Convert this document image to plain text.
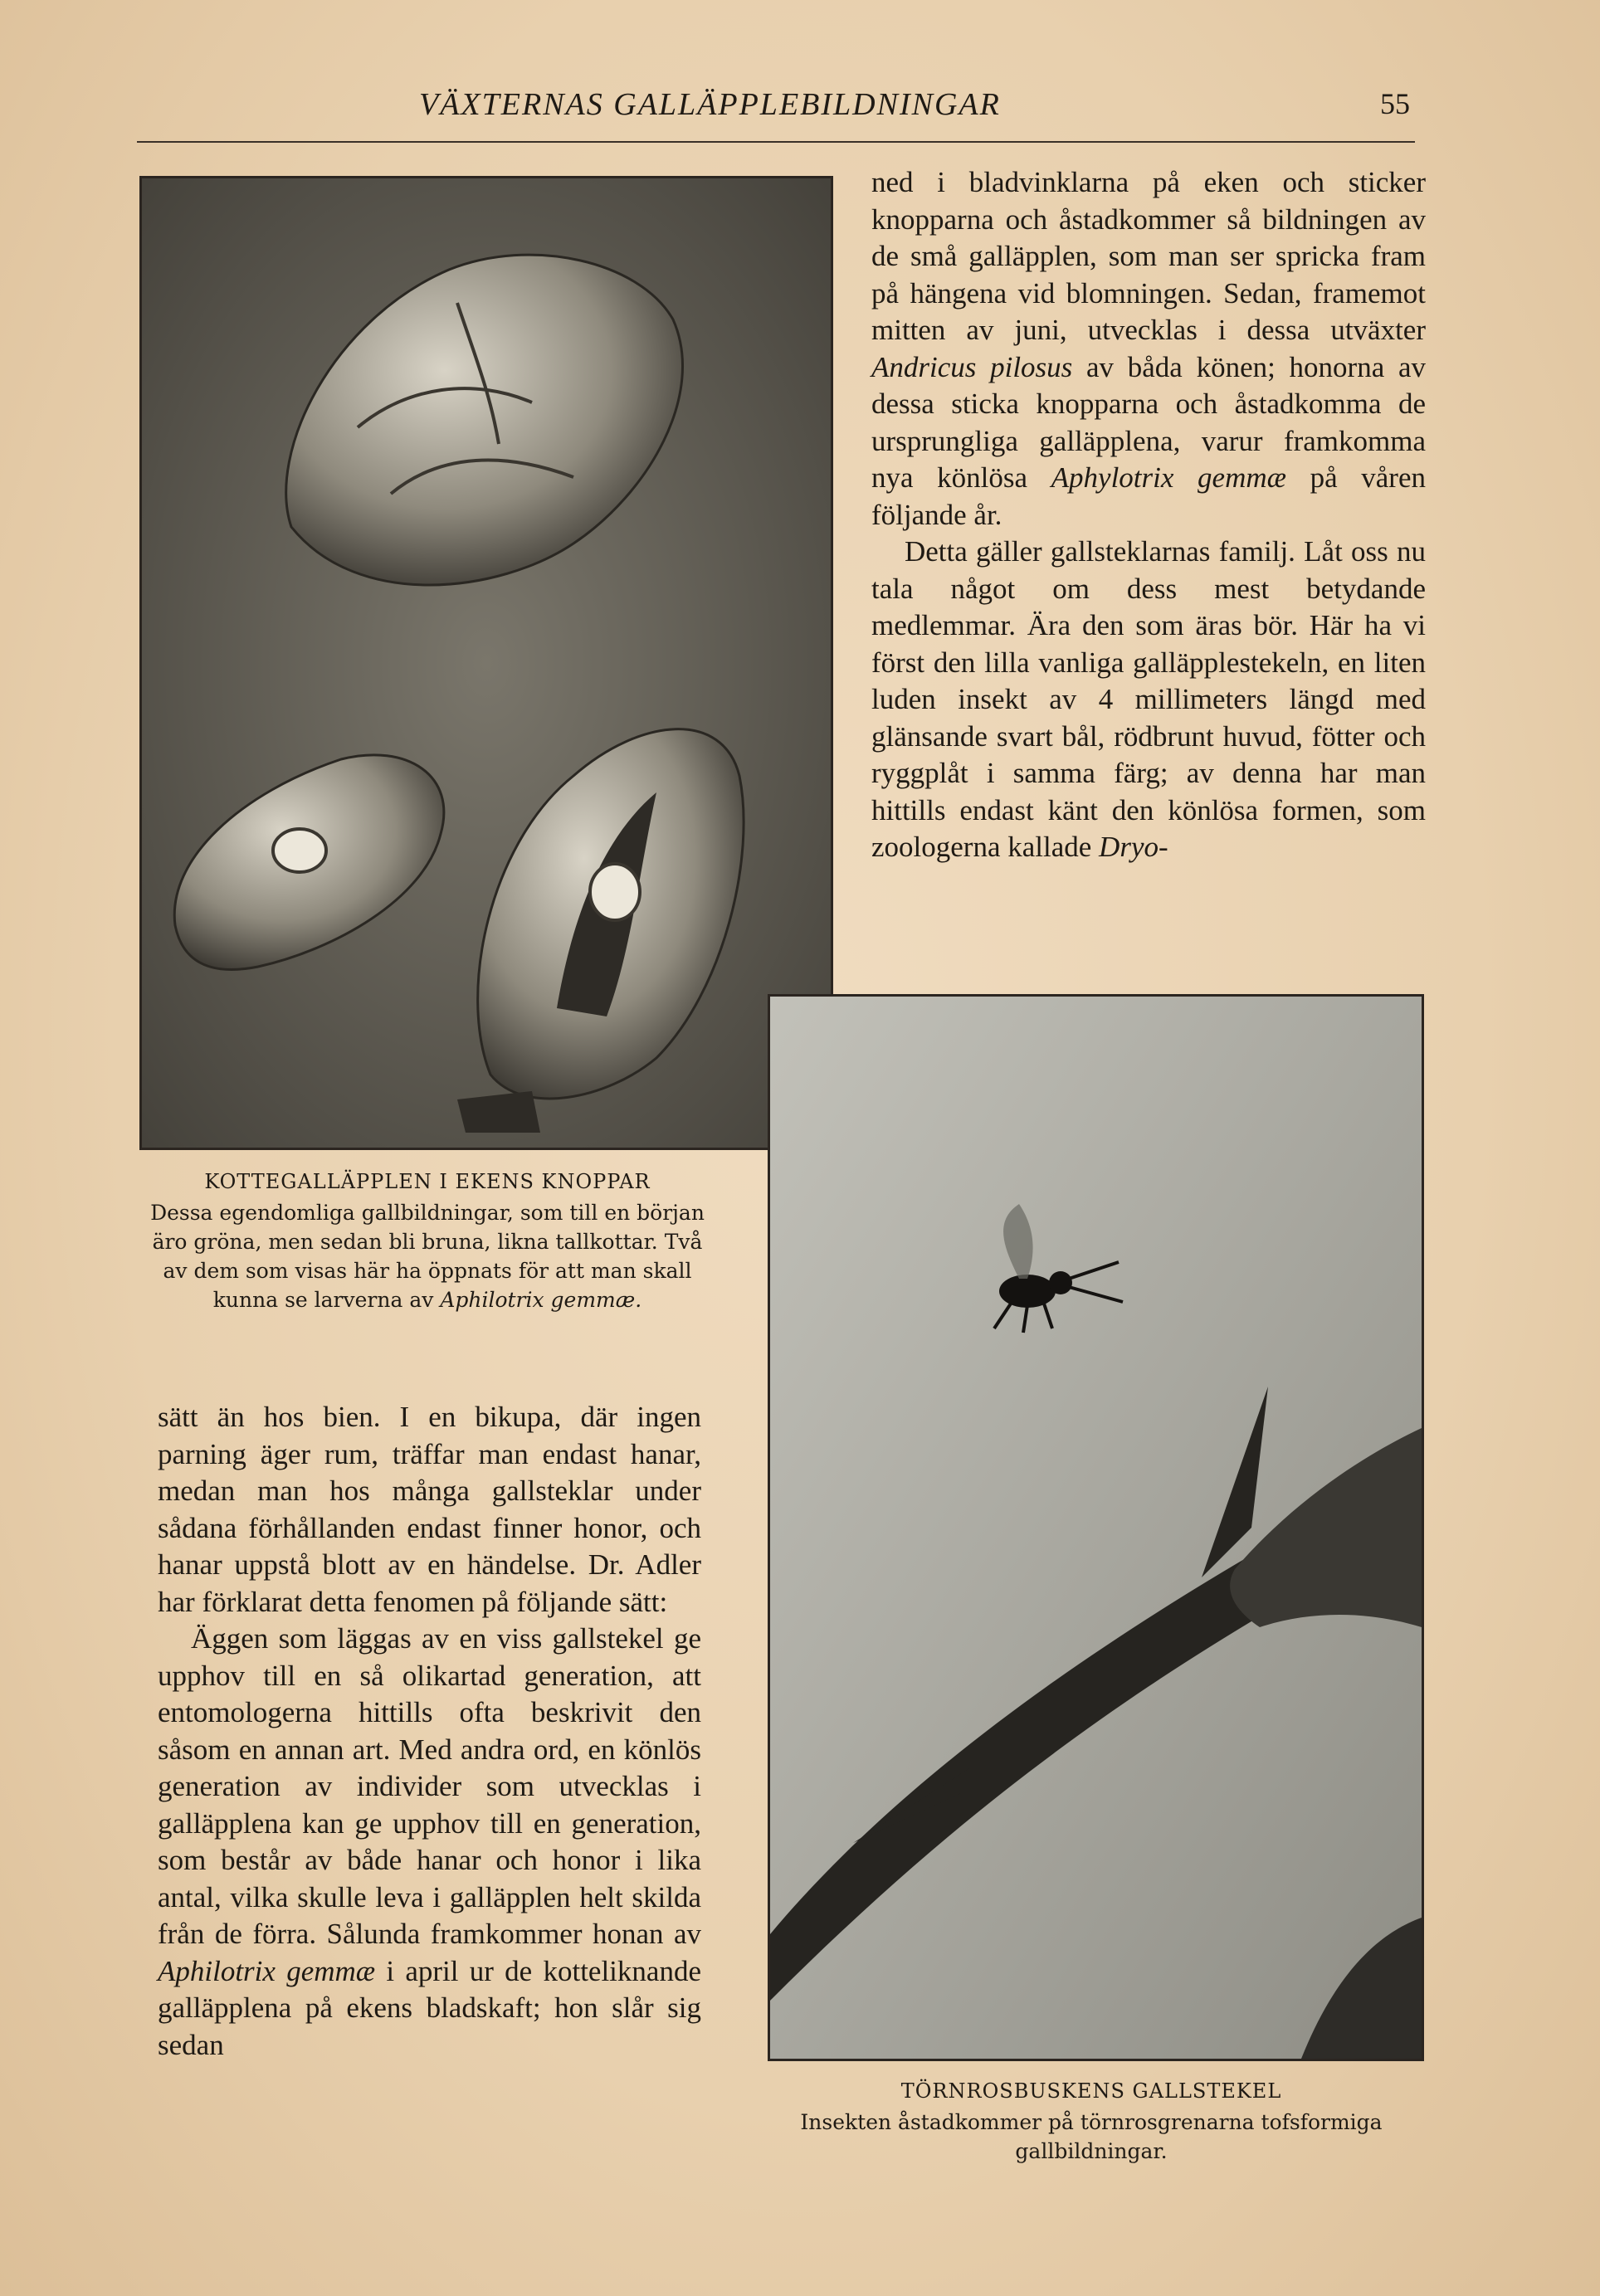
VÄXTERNAS GALLÄPPLEBILDNINGAR	55

ned i bladvinklarna på eken och sticker knopparna och åstadkommer så bildningen av de små galläpplen, som man ser spricka fram på hängena vid blomningen. Sedan, framemot mitten av juni, utvecklas i dessa utväxter Andricus pilosus av båda könen; honorna av dessa sticka knopparna och åstadkomma de ursprungliga galläpplena, varur framkomma nya könlösa Aphylotrix gemmæ på våren följande år.

Detta gäller gallsteklarnas familj. Låt oss nu tala något om dess mest betydande medlemmar. Ära den som äras bör. Här ha vi först den lilla vanliga galläpplestekeln, en liten luden insekt av 4 millimeters längd med glänsande svart bål, rödbrunt huvud, fötter och ryggplåt i samma färg; av denna har man hittills endast känt den könlösa formen, som zoologerna kallade Dryo-

KOTTEGALLÄPPLEN I EKENS KNOPPAR
Dessa egendomliga gallbildningar, som till en början äro gröna, men sedan bli bruna, likna tallkottar. Två av dem som visas här ha öppnats för att man skall kunna se larverna av Aphilotrix gemmæ.

sätt än hos bien. I en bikupa, där ingen parning äger rum, träffar man endast hanar, medan man hos många gallsteklar under sådana förhållanden endast finner honor, och hanar uppstå blott av en händelse. Dr. Adler har förklarat detta fenomen på följande sätt:

Äggen som läggas av en viss gallstekel ge upphov till en så olikartad generation, att entomologerna hittills ofta beskrivit den såsom en annan art. Med andra ord, en könlös generation av individer som utvecklas i galläpplena kan ge upphov till en generation, som består av både hanar och honor i lika antal, vilka skulle leva i galläpplen helt skilda från de förra. Sålunda framkommer honan av Aphilotrix gemmæ i april ur de kotteliknande galläpplena på ekens bladskaft; hon slår sig sedan

TÖRNROSBUSKENS GALLSTEKEL
Insekten åstadkommer på törnrosgrenarna tofsformiga gallbildningar.
